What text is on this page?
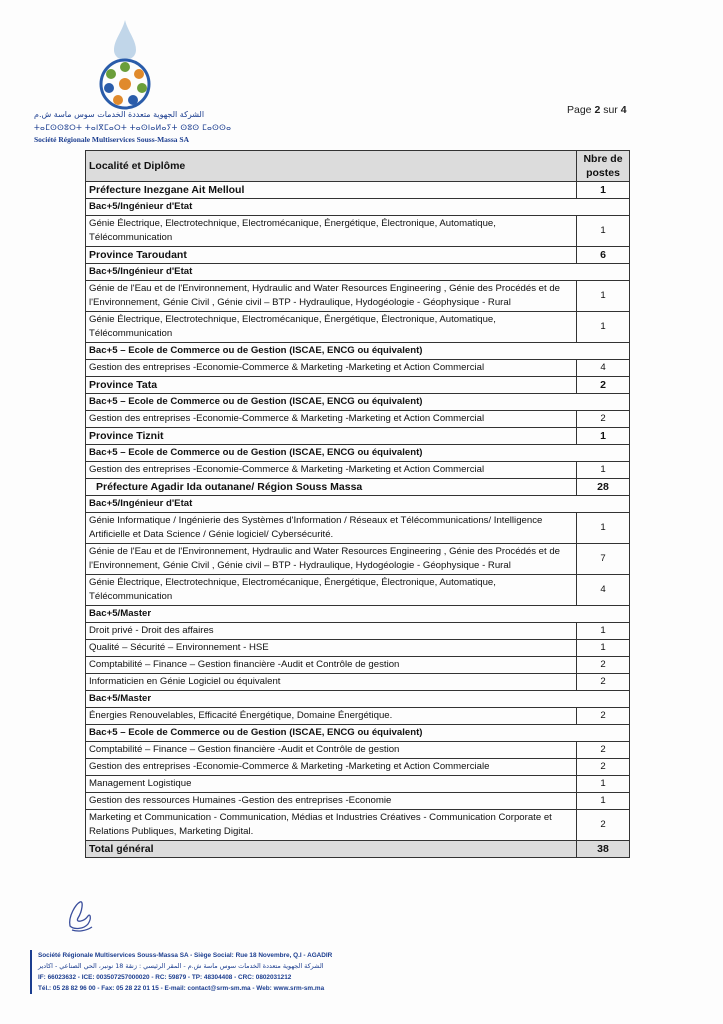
الشركة الجهوية متعددة الخدمات سوس ماسة ش.م
ⵜⴰⵎⵙⵙⵓⵔⵜ ⵜⴰⵏⴳⵎⴰⵔⵜ ⵜⴰⵙⵏⴰⵍⴰⵢⵜ ⵙⵓⵙ ⵎⴰⵙⵙⴰ
Société Régionale Multiservices Souss-Massa SA
Page 2 sur 4
Localité et Diplôme	Nbre de postes
Préfecture Inezgane Ait Melloul	1
Bac+5/Ingénieur d'Etat	
Génie Électrique, Electrotechnique, Electromécanique, Énergétique, Électronique, Automatique, Télécommunication	1
Province Taroudant	6
Bac+5/Ingénieur d'Etat	
Génie de l'Eau et de l'Environnement, Hydraulic and Water Resources Engineering , Génie des Procédés et de l'Environnement, Génie Civil , Génie civil – BTP - Hydraulique, Hydogéologie - Géophysique - Rural	1
Génie Électrique, Electrotechnique, Electromécanique, Énergétique, Électronique, Automatique, Télécommunication	1
Bac+5 – Ecole de Commerce ou de Gestion (ISCAE, ENCG ou équivalent)	
Gestion des entreprises -Economie-Commerce & Marketing -Marketing et Action Commercial	4
Province Tata	2
Bac+5 – Ecole de Commerce ou de Gestion (ISCAE, ENCG ou équivalent)	
Gestion des entreprises -Economie-Commerce & Marketing -Marketing et Action Commercial	2
Province Tiznit	1
Bac+5 – Ecole de Commerce ou de Gestion (ISCAE, ENCG ou équivalent)	
Gestion des entreprises -Economie-Commerce & Marketing -Marketing et Action Commercial	1
Préfecture Agadir Ida outanane/ Région Souss Massa	28
Bac+5/Ingénieur d'Etat	
Génie Informatique / Ingénierie des Systèmes d'Information / Réseaux et Télécommunications/ Intelligence Artificielle et Data Science / Génie logiciel/ Cybersécurité.	1
Génie de l'Eau et de l'Environnement, Hydraulic and Water Resources Engineering , Génie des Procédés et de l'Environnement, Génie Civil , Génie civil – BTP - Hydraulique, Hydogéologie - Géophysique - Rural	7
Génie Électrique, Electrotechnique, Electromécanique, Énergétique, Électronique, Automatique, Télécommunication	4
Bac+5/Master	
Droit privé - Droit des affaires	1
Qualité – Sécurité – Environnement - HSE	1
Comptabilité – Finance – Gestion financière -Audit et Contrôle de gestion	2
Informaticien en Génie Logiciel ou équivalent	2
Bac+5/Master	
Énergies Renouvelables, Efficacité Énergétique, Domaine Énergétique.	2
Bac+5 – Ecole de Commerce ou de Gestion (ISCAE, ENCG ou équivalent)	
Comptabilité – Finance – Gestion financière -Audit et Contrôle de gestion	2
Gestion des entreprises -Economie-Commerce & Marketing -Marketing et Action Commerciale	2
Management Logistique	1
Gestion des ressources Humaines -Gestion des entreprises -Economie	1
Marketing et Communication - Communication, Médias et Industries Créatives - Communication Corporate et Relations Publiques, Marketing Digital.	2
Total général	38
Société Régionale Multiservices Souss-Massa SA - Siège Social: Rue 18 Novembre, Q.I - AGADIR
الشركة الجهوية متعددة الخدمات سوس ماسة ش.م - المقر الرئيسي : زنقة 18 نونبر، الحي الصناعي - اكادير
IF: 66023632 - ICE: 003507257000020 - RC: 59879 - TP: 48304408 - CRC: 0802031212
Tél.: 05 28 82 96 00 - Fax: 05 28 22 01 15 - E-mail: contact@srm-sm.ma - Web: www.srm-sm.ma
